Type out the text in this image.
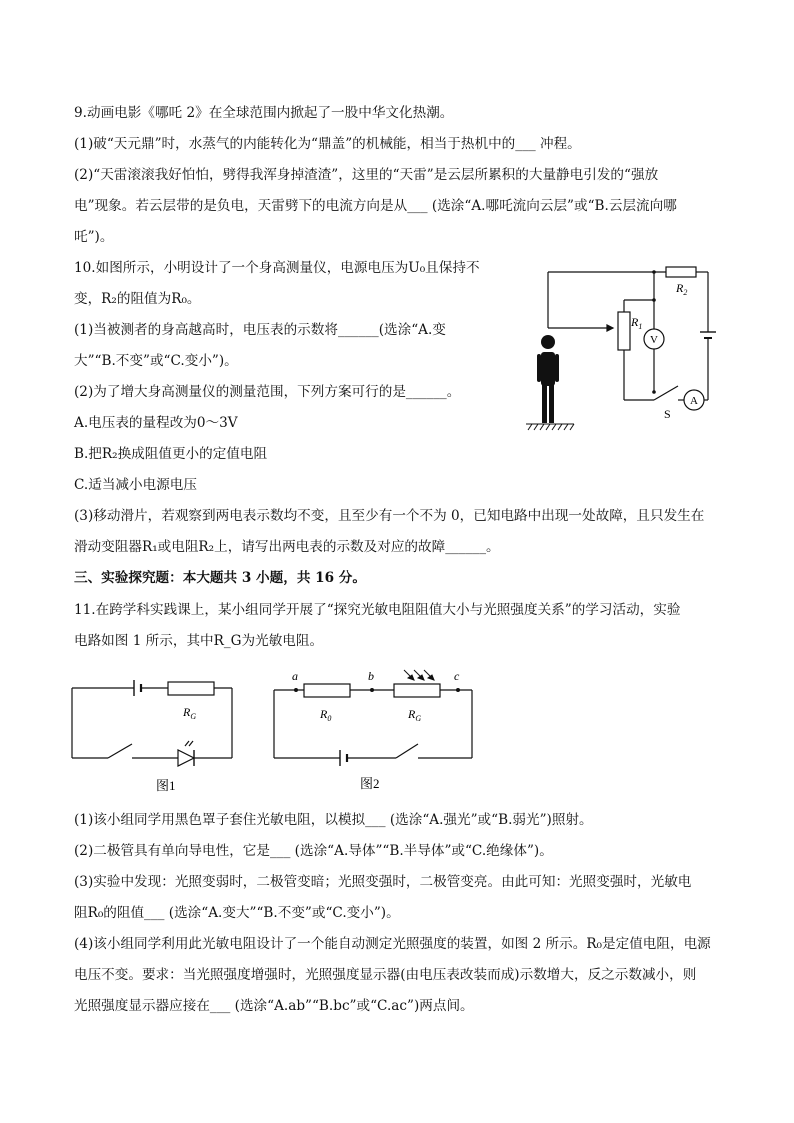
9.动画电影《哪吒 2》在全球范围内掀起了一股中华文化热潮。
(1)破“天元鼎”时，水蒸气的内能转化为“鼎盖”的机械能，相当于热机中的___ 冲程。
(2)“天雷滚滚我好怕怕，劈得我浑身掉渣渣”，这里的“天雷”是云层所累积的大量静电引发的“强放
电”现象。若云层带的是负电，天雷劈下的电流方向是从___ (选涂“A.哪吒流向云层”或“B.云层流向哪
吒”)。
10.如图所示，小明设计了一个身高测量仪，电源电压为U₀且保持不
变，R₂的阻值为R₀。
(1)当被测者的身高越高时，电压表的示数将______(选涂“A.变
大”“B.不变”或“C.变小”)。
(2)为了增大身高测量仪的测量范围，下列方案可行的是______。
A.电压表的量程改为0～3V
B.把R₂换成阻值更小的定值电阻
C.适当减小电源电压
(3)移动滑片，若观察到两电表示数均不变，且至少有一个不为 0，已知电路中出现一处故障，且只发生在
滑动变阻器R₁或电阻R₂上，请写出两电表的示数及对应的故障______。
三、实验探究题：本大题共 3 小题，共 16 分。
11.在跨学科实践课上，某小组同学开展了“探究光敏电阻阻值大小与光照强度关系”的学习活动，实验
电路如图 1 所示，其中R_G为光敏电阻。
(1)该小组同学用黑色罩子套住光敏电阻，以模拟___ (选涂“A.强光”或“B.弱光”)照射。
(2)二极管具有单向导电性，它是___ (选涂“A.导体”“B.半导体”或“C.绝缘体”)。
(3)实验中发现：光照变弱时，二极管变暗；光照变强时，二极管变亮。由此可知：光照变强时，光敏电
阻R₀的阻值___ (选涂“A.变大”“B.不变”或“C.变小”)。
(4)该小组同学利用此光敏电阻设计了一个能自动测定光照强度的装置，如图 2 所示。R₀是定值电阻，电源
电压不变。要求：当光照强度增强时，光照强度显示器(由电压表改装而成)示数增大，反之示数减小，则
光照强度显示器应接在___ (选涂“A.ab”“B.bc”或“C.ac”)两点间。
$R_2$
$R_1$
V
A
S
$R_G$
图1
a	b	c
$R_0$	$R_G$
图2
